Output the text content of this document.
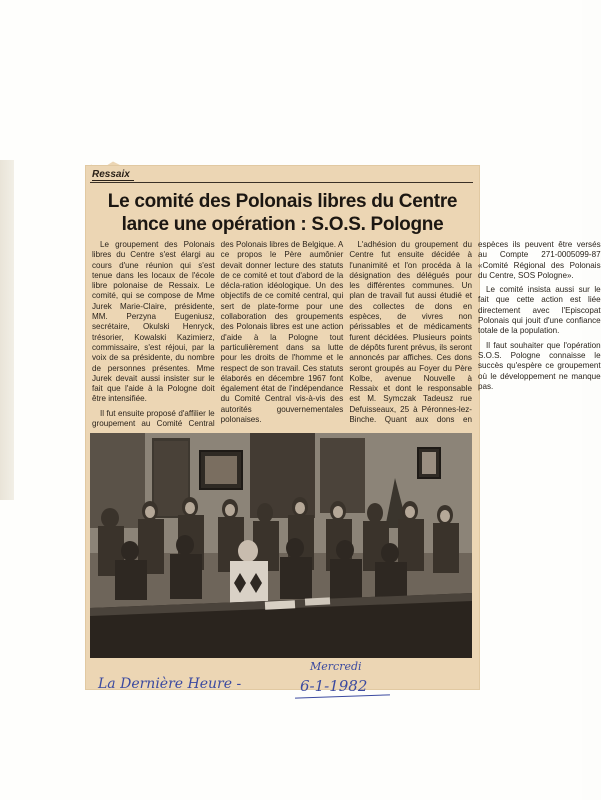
Ressaix
Le comité des Polonais libres du Centre
lance une opération : S.O.S. Pologne

Le groupement des Polonais libres du Centre s'est élargi au cours d'une réunion qui s'est tenue dans les locaux de l'école libre polonaise de Ressaix. Le comité, qui se compose de Mme Jurek Marie-Claire, présidente, MM. Perzyna Eugeniusz, secrétaire, Okulski Henryck, trésorier, Kowalski Kazimierz, commissaire, s'est réjoui, par la voix de sa présidente, du nombre de personnes présentes. Mme Jurek devait aussi insister sur le fait que l'aide à la Pologne doit être intensifiée.

Il fut ensuite proposé d'affilier le groupement au Comité Central des Polonais libres de Belgique. A ce propos le Père aumônier devait donner lecture des statuts de ce comité et tout d'abord de la décla-ration idéologique. Un des objectifs de ce comité central, qui sert de plate-forme pour une collaboration des groupements des Polonais libres est une action d'aide à la Pologne tout particulièrement dans sa lutte pour les droits de l'homme et le respect de son travail. Ces statuts élaborés en décembre 1967 font également état de l'indépendance du Comité Central vis-à-vis des autorités gouvernementales polonaises.

L'adhésion du groupement du Centre fut ensuite décidée à l'unanimité et l'on procéda à la désignation des délégués pour les différentes communes. Un plan de travail fut aussi étudié et des collectes de dons en espèces, de vivres non périssables et de médicaments furent décidées. Plusieurs points de dépôts furent prévus, ils seront annoncés par affiches. Ces dons seront groupés au Foyer du Père Kolbe, avenue Nouvelle à Ressaix et dont le responsable est M. Symczak Tadeusz rue Defuisseaux, 25 à Péronnes-lez-Binche. Quant aux dons en espèces ils peuvent être versés au Compte 271-0005099-87 «Comité Régional des Polonais du Centre, SOS Pologne».

Le comité insista aussi sur le fait que cette action est liée directement avec l'Episcopat Polonais qui jouit d'une confiance totale de la population.

Il faut souhaiter que l'opération S.O.S. Pologne connaisse le succès qu'espère ce groupement où le développement ne manque pas.

La Dernière Heure -
Mercredi
6-1-1982
